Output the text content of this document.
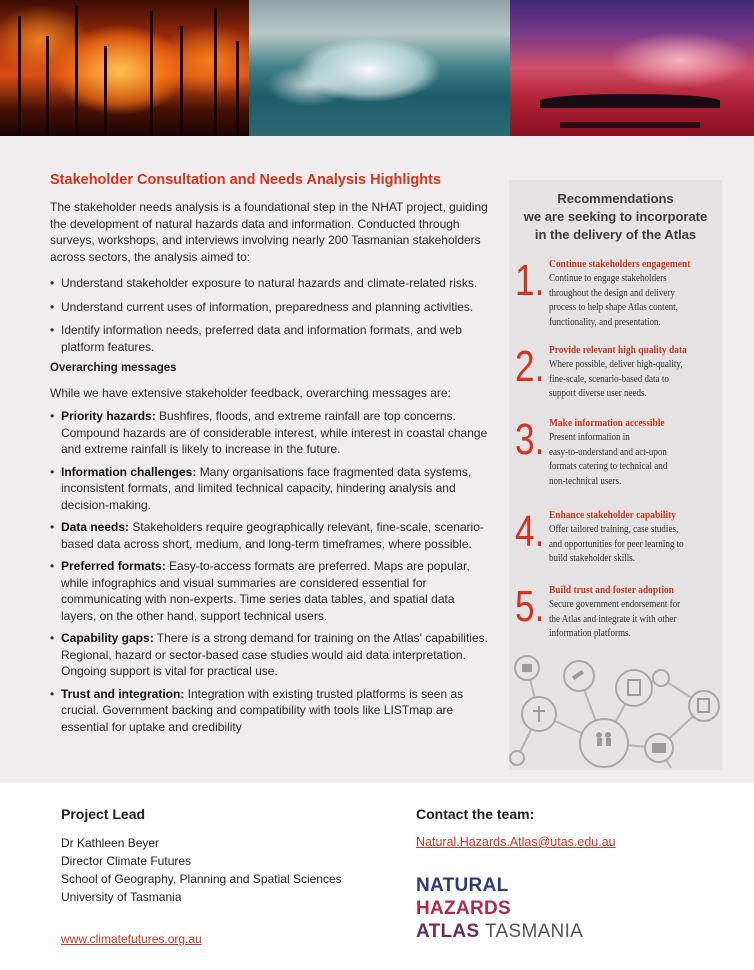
Stakeholder Consultation and Needs Analysis Highlights
The stakeholder needs analysis is a foundational step in the NHAT project, guiding the development of natural hazards data and information. Conducted through surveys, workshops, and interviews involving nearly 200 Tasmanian stakeholders across sectors, the analysis aimed to:
• Understand stakeholder exposure to natural hazards and climate-related risks.
• Understand current uses of information, preparedness and planning activities.
• Identify information needs, preferred data and information formats, and web platform features.
Overarching messages
While we have extensive stakeholder feedback, overarching messages are:
• Priority hazards: Bushfires, floods, and extreme rainfall are top concerns. Compound hazards are of considerable interest, while interest in coastal change and extreme rainfall is likely to increase in the future.
• Information challenges: Many organisations face fragmented data systems, inconsistent formats, and limited technical capacity, hindering analysis and decision-making.
• Data needs: Stakeholders require geographically relevant, fine-scale, scenario-based data across short, medium, and long-term timeframes, where possible.
• Preferred formats: Easy-to-access formats are preferred. Maps are popular, while infographics and visual summaries are considered essential for communicating with non-experts. Time series data tables, and spatial data layers, on the other hand, support technical users.
• Capability gaps: There is a strong demand for training on the Atlas' capabilities. Regional, hazard or sector-based case studies would aid data interpretation. Ongoing support is vital for practical use.
• Trust and integration: Integration with existing trusted platforms is seen as crucial. Government backing and compatibility with tools like LISTmap are essential for uptake and credibility
Recommendations
we are seeking to incorporate
in the delivery of the Atlas
1. Continue stakeholders engagement
Continue to engage stakeholders
throughout the design and delivery
process to help shape Atlas content,
functionality, and presentation.
2. Provide relevant high quality data
Where possible, deliver high-quality,
fine-scale, scenario-based data to
support diverse user needs.
3. Make information accessible
Present information in
easy-to-understand and act-upon
formats catering to technical and
non-technical users.
4. Enhance stakeholder capability
Offer tailored training, case studies,
and opportunities for peer learning to
build stakeholder skills.
5. Build trust and foster adoption
Secure government endorsement for
the Atlas and integrate it with other
information platforms.
Project Lead
Dr Kathleen Beyer
Director Climate Futures
School of Geography, Planning and Spatial Sciences
University of Tasmania
www.climatefutures.org.au
Contact the team:
Natural.Hazards.Atlas@utas.edu.au
NATURAL
HAZARDS
ATLAS TASMANIA
